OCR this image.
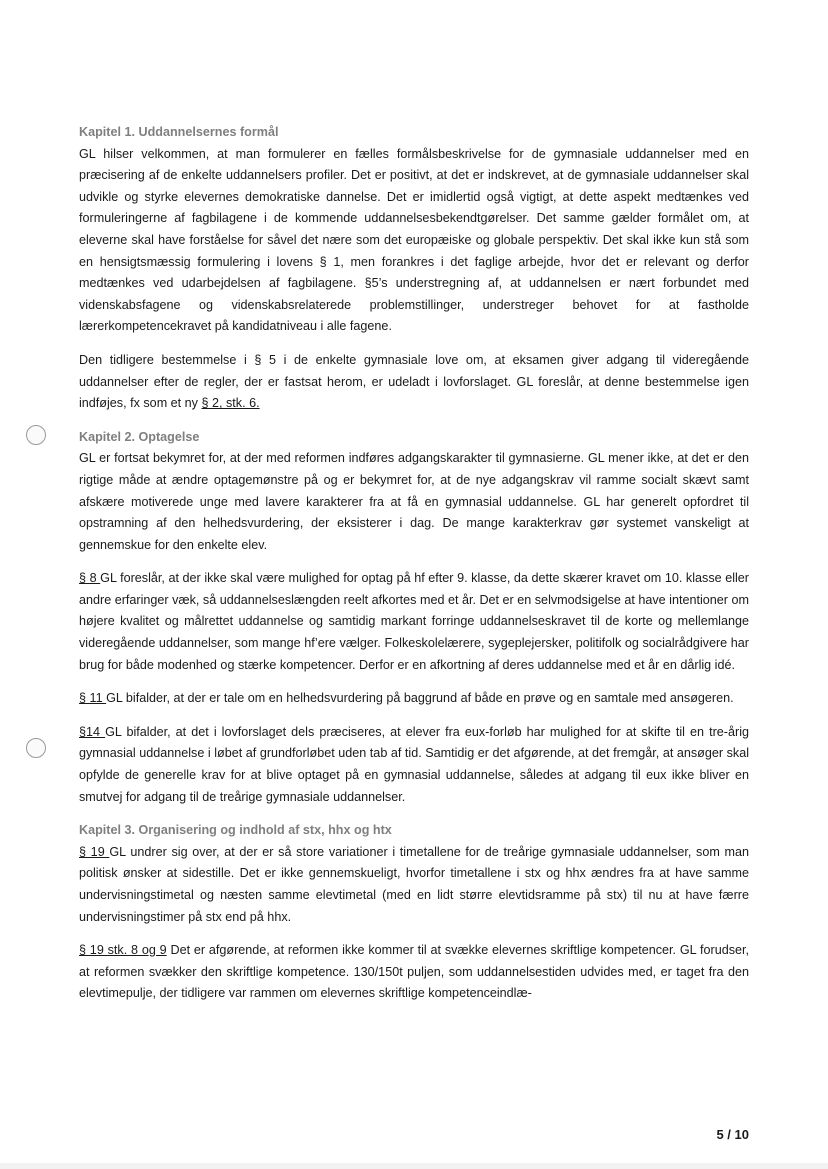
Kapitel 1. Uddannelsernes formål

GL hilser velkommen, at man formulerer en fælles formålsbeskrivelse for de gymnasiale uddannelser med en præcisering af de enkelte uddannelsers profiler. Det er positivt, at det er indskrevet, at de gymnasiale uddannelser skal udvikle og styrke elevernes demokratiske dannelse. Det er imidlertid også vigtigt, at dette aspekt medtænkes ved formuleringerne af fagbilagene i de kommende uddannelsesbekendtgørelser. Det samme gælder formålet om, at eleverne skal have forståelse for såvel det nære som det europæiske og globale perspektiv. Det skal ikke kun stå som en hensigtsmæssig formulering i lovens § 1, men forankres i det faglige arbejde, hvor det er relevant og derfor medtænkes ved udarbejdelsen af fagbilagene. §5’s understregning af, at uddannelsen er nært forbundet med videnskabsfagene og videnskabsrelaterede problemstillinger, understreger behovet for at fastholde lærerkompetencekravet på kandidatniveau i alle fagene.

Den tidligere bestemmelse i § 5 i de enkelte gymnasiale love om, at eksamen giver adgang til videregående uddannelser efter de regler, der er fastsat herom, er udeladt i lovforslaget. GL foreslår, at denne bestemmelse igen indføjes, fx som et ny § 2, stk. 6.

Kapitel 2. Optagelse

GL er fortsat bekymret for, at der med reformen indføres adgangskarakter til gymnasierne. GL mener ikke, at det er den rigtige måde at ændre optagemønstre på og er bekymret for, at de nye adgangskrav vil ramme socialt skævt samt afskære motiverede unge med lavere karakterer fra at få en gymnasial uddannelse. GL har generelt opfordret til opstramning af den helhedsvurdering, der eksisterer i dag. De mange karakterkrav gør systemet vanskeligt at gennemskue for den enkelte elev.

§ 8 GL foreslår, at der ikke skal være mulighed for optag på hf efter 9. klasse, da dette skærer kravet om 10. klasse eller andre erfaringer væk, så uddannelseslængden reelt afkortes med et år. Det er en selvmodsigelse at have intentioner om højere kvalitet og målrettet uddannelse og samtidig markant forringe uddannelseskravet til de korte og mellemlange videregående uddannelser, som mange hf’ere vælger. Folkeskolelærere, sygeplejersker, politifolk og socialrådgivere har brug for både modenhed og stærke kompetencer. Derfor er en afkortning af deres uddannelse med et år en dårlig idé.

§ 11 GL bifalder, at der er tale om en helhedsvurdering på baggrund af både en prøve og en samtale med ansøgeren.

§14 GL bifalder, at det i lovforslaget dels præciseres, at elever fra eux-forløb har mulighed for at skifte til en tre-årig gymnasial uddannelse i løbet af grundforløbet uden tab af tid. Samtidig er det afgørende, at det fremgår, at ansøger skal opfylde de generelle krav for at blive optaget på en gymnasial uddannelse, således at adgang til eux ikke bliver en smutvej for adgang til de treårige gymnasiale uddannelser.

Kapitel 3. Organisering og indhold af stx, hhx og htx

§ 19 GL undrer sig over, at der er så store variationer i timetallene for de treårige gymnasiale uddannelser, som man politisk ønsker at sidestille. Det er ikke gennemskueligt, hvorfor timetallene i stx og hhx ændres fra at have samme undervisningstimetal og næsten samme elevtimetal (med en lidt større elevtidsramme på stx) til nu at have færre undervisningstimer på stx end på hhx.

§ 19 stk. 8 og 9 Det er afgørende, at reformen ikke kommer til at svække elevernes skriftlige kompetencer. GL forudser, at reformen svækker den skriftlige kompetence. 130/150t puljen, som uddannelsestiden udvides med, er taget fra den elevtimepulje, der tidligere var rammen om elevernes skriftlige kompetenceindlæ-

5 / 10
